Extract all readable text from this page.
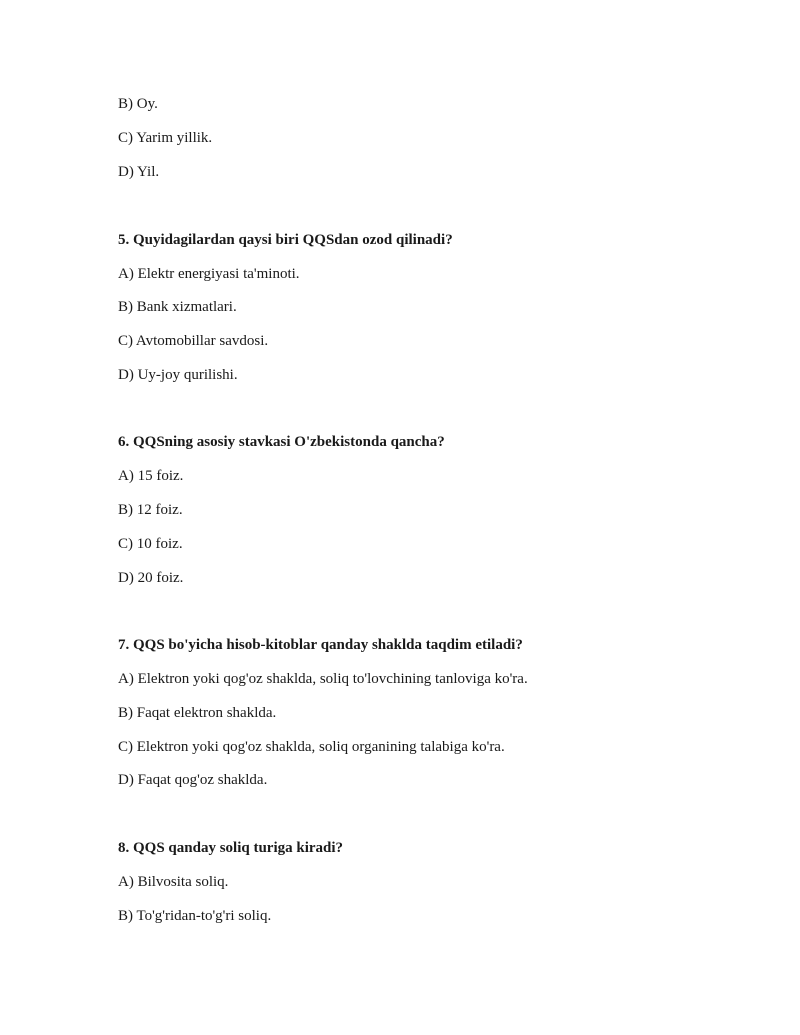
B) Oy.
C) Yarim yillik.
D) Yil.
5. Quyidagilardan qaysi biri QQSdan ozod qilinadi?
A) Elektr energiyasi ta'minoti.
B) Bank xizmatlari.
C) Avtomobillar savdosi.
D) Uy-joy qurilishi.
6. QQSning asosiy stavkasi O'zbekistonda qancha?
A) 15 foiz.
B) 12 foiz.
C) 10 foiz.
D) 20 foiz.
7. QQS bo'yicha hisob-kitoblar qanday shaklda taqdim etiladi?
A) Elektron yoki qog'oz shaklda, soliq to'lovchining tanloviga ko'ra.
B) Faqat elektron shaklda.
C) Elektron yoki qog'oz shaklda, soliq organining talabiga ko'ra.
D) Faqat qog'oz shaklda.
8. QQS qanday soliq turiga kiradi?
A) Bilvosita soliq.
B) To'g'ridan-to'g'ri soliq.
